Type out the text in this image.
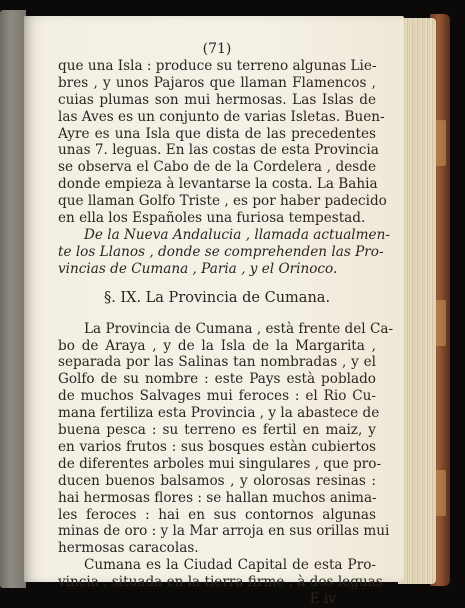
(71)
que una Isla : produce su terreno algunas Lie-
bres , y unos Pajaros que llaman Flamencos ,
cuias plumas son mui hermosas. Las Islas de
las Aves es un conjunto de varias Isletas. Buen-
Ayre es una Isla que dista de las precedentes
unas 7. leguas. En las costas de esta Provincia
se observa el Cabo de de la Cordelera , desde
donde empieza à levantarse la costa. La Bahia
que llaman Golfo Triste , es por haber padecido
en ella los Españoles una furiosa tempestad.
De la Nueva Andalucia , llamada actualmen-
te los Llanos , donde se comprehenden las Pro-
vincias de Cumana , Paria , y el Orinoco.
§. IX. La Provincia de Cumana.
La Provincia de Cumana , està frente del Ca-
bo de Araya , y de la Isla de la Margarita ,
separada por las Salinas tan nombradas , y el
Golfo de su nombre : este Pays està poblado
de muchos Salvages mui feroces : el Rio Cu-
mana fertiliza esta Provincia , y la abastece de
buena pesca : su terreno es fertil en maiz, y
en varios frutos : sus bosques estàn cubiertos
de diferentes arboles mui singulares , que pro-
ducen buenos balsamos , y olorosas resinas :
hai hermosas flores : se hallan muchos anima-
les feroces : hai en sus contornos algunas
minas de oro : y la Mar arroja en sus orillas mui
hermosas caracolas.
Cumana es la Ciudad Capital de esta Pro-
vincia , situada en la tierra firme , à dos leguas
E iv
